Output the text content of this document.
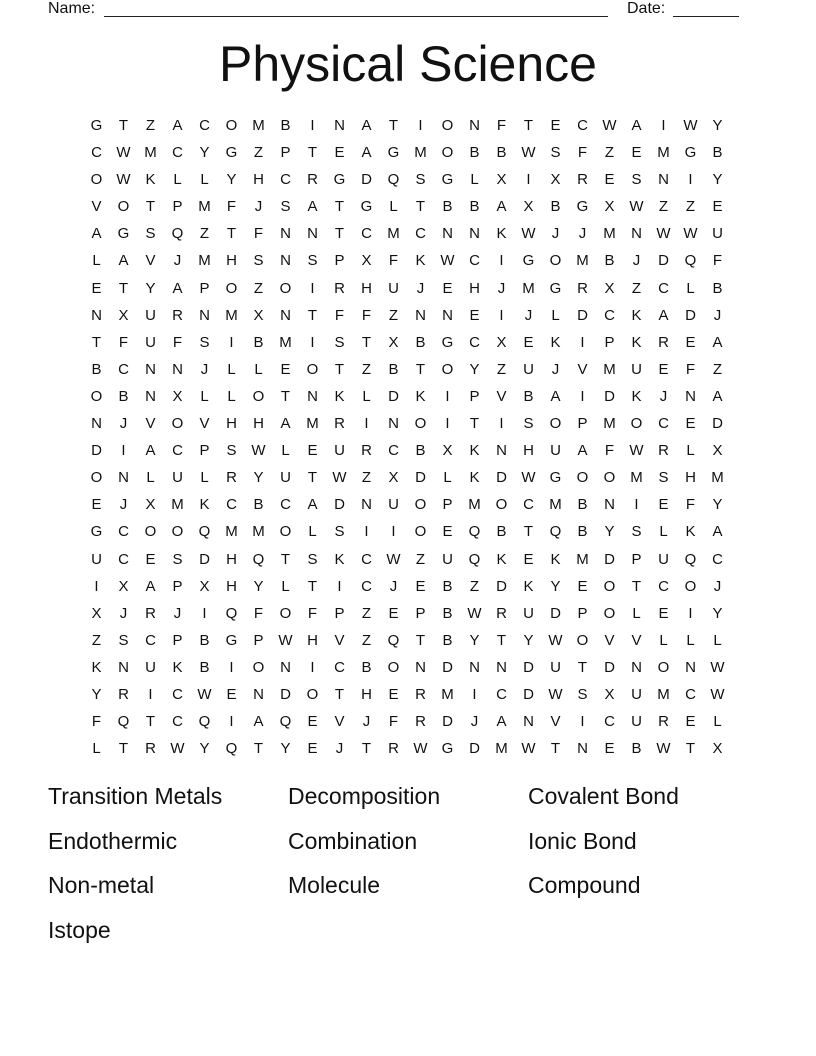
Name:	Date:
Physical Science
G	T	Z	A	C	O M	B	I	N	A	T	I	O	N	F	T	E	C W A	I	W Y
C W M	C	Y	G	Z	P	T	E	A	G M O	B	B W S	F	Z	E	M G	B
O W K	L	L	Y	H	C	R	G	D	Q	S	G	L	X	I	X	R	E	S	N	I	Y
V	O	T	P	M	F	J	S	A	T	G	L	T	B	B	A	X	B	G	X W	Z	Z	E
A	G	S	Q	Z	T	F	N	N	T	C	M	C	N	N	K W	J	J	M	N W W U
L	A	V	J	M	H	S	N	S	P	X	F	K W C	I	G	O M	B	J	D	Q	F
E	T	Y	A	P	O	Z	O	I	R	H	U	J	E	H	J	M G	R	X	Z	C	L	B
N	X	U	R	N	M	X	N	T	F	F	Z	N	N	E	I	J	L	D	C	K	A	D	J
T	F	U	F	S	I	B	M	I	S	T	X	B	G	C	X	E	K	I	P	K	R	E	A
B	C	N	N	J	L	L	E	O	T	Z	B	T	O	Y	Z	U	J	V	M	U	E	F	Z
O	B	N	X	L	L	O	T	N	K	L	D	K	I	P	V	B	A	I	D	K	J	N	A
N	J	V	O	V	H	H	A	M	R	I	N	O	I	T	I	S	O	P	M O	C	E	D
D	I	A	C	P	S W	L	E	U	R	C	B	X	K	N	H	U	A	F	W R	L	X
O	N	L	U	L	R	Y	U	T	W	Z	X	D	L	K	D W G	O	O M	S	H	M
E	J	X	M	K	C	B	C	A	D	N	U	O	P	M O	C	M	B	N	I	E	F	Y
G	C	O	O	Q M M O	L	S	I	I	O	E	Q	B	T	Q	B	Y	S	L	K	A
U	C	E	S	D	H	Q	T	S	K	C W	Z	U	Q	K	E	K	M	D	P	U	Q	C
I	X	A	P	X	H	Y	L	T	I	C	J	E	B	Z	D	K	Y	E	O	T	C	O	J
X	J	R	J	I	Q	F	O	F	P	Z	E	P	B W R	U	D	P	O	L	E	I	Y
Z	S	C	P	B	G	P W H	V	Z	Q	T	B	Y	T	Y W O	V	V	L	L	L
K	N	U	K	B	I	O	N	I	C	B	O	N	D	N	N	D	U	T	D	N	O	N W
Y	R	I	C W E	N	D	O	T	H	E	R	M	I	C	D W S	X	U	M	C W
F	Q	T	C	Q	I	A	Q	E	V	J	F	R	D	J	A	N	V	I	C	U	R	E	L
L	T	R W Y	Q	T	Y	E	J	T	R W G	D	M W	T	N	E	B W	T	X
Transition Metals	Decomposition	Covalent Bond
Endothermic	Combination	Ionic Bond
Non-metal	Molecule	Compound
Istope
